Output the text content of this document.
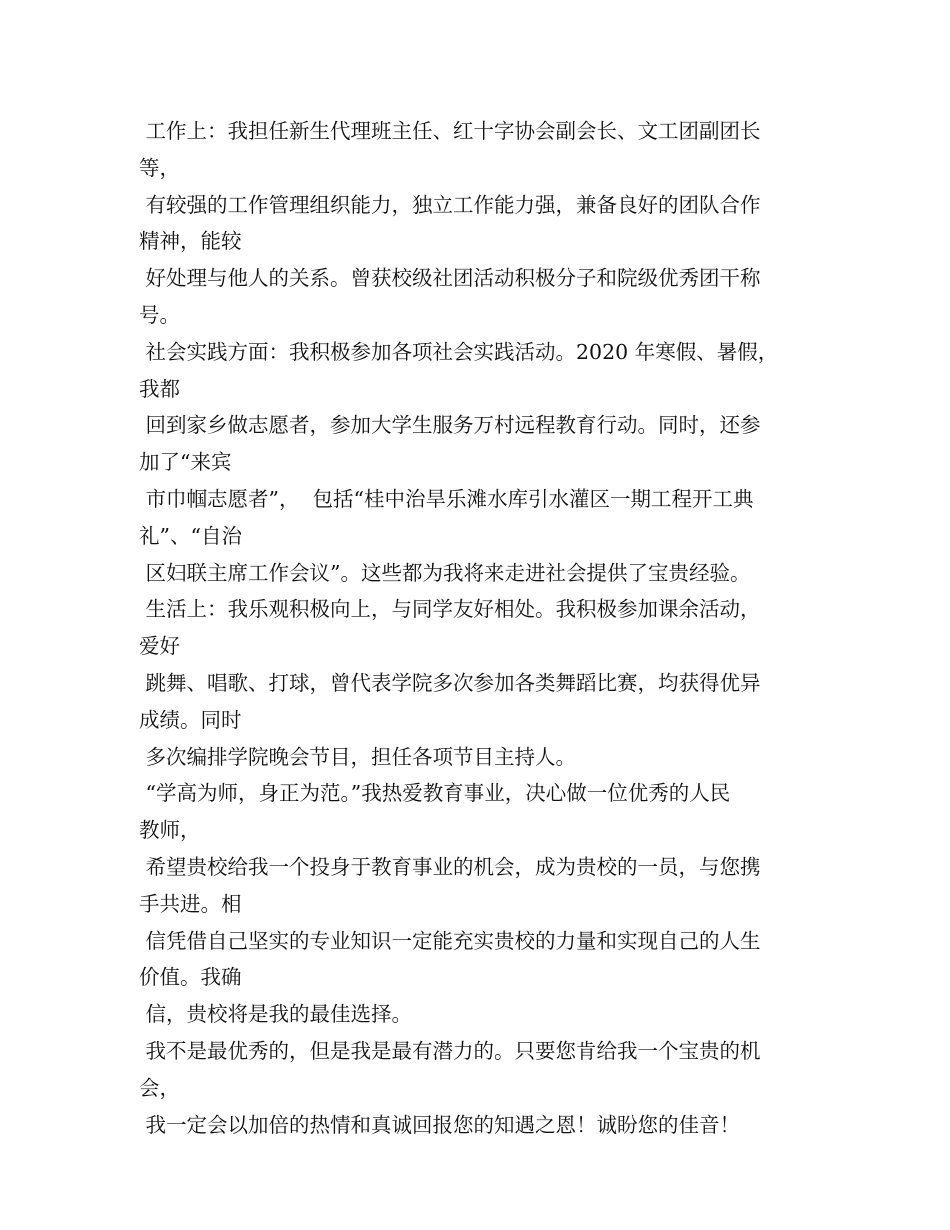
工作上：我担任新生代理班主任、红十字协会副会长、文工团副团长

等，

有较强的工作管理组织能力，独立工作能力强，兼备良好的团队合作

精神，能较

好处理与他人的关系。曾获校级社团活动积极分子和院级优秀团干称

号。

社会实践方面：我积极参加各项社会实践活动。2020 年寒假、暑假，

我都

回到家乡做志愿者，参加大学生服务万村远程教育行动。同时，还参

加了“来宾

市巾帼志愿者”，  包括“桂中治旱乐滩水库引水灌区一期工程开工典

礼”、“自治

区妇联主席工作会议”。这些都为我将来走进社会提供了宝贵经验。

生活上：我乐观积极向上，与同学友好相处。我积极参加课余活动，

爱好

跳舞、唱歌、打球，曾代表学院多次参加各类舞蹈比赛，均获得优异

成绩。同时

多次编排学院晚会节目，担任各项节目主持人。

“学高为师，身正为范。”我热爱教育事业，决心做一位优秀的人民

教师，

希望贵校给我一个投身于教育事业的机会，成为贵校的一员，与您携

手共进。相

信凭借自己坚实的专业知识一定能充实贵校的力量和实现自己的人生

价值。我确

信，贵校将是我的最佳选择。

我不是最优秀的，但是我是最有潜力的。只要您肯给我一个宝贵的机

会，

我一定会以加倍的热情和真诚回报您的知遇之恩！诚盼您的佳音！
